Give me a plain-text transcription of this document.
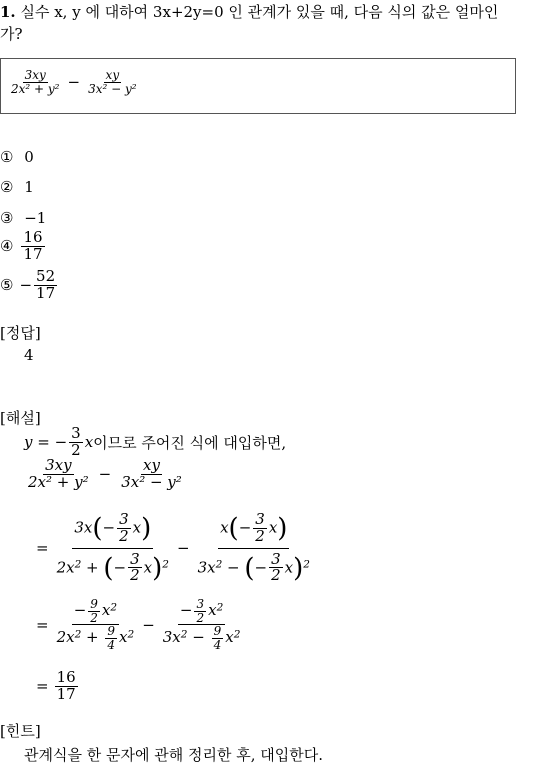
1. 실수 x, y 에 대하여 3x+2y=0 인 관계가 있을 때, 다음 식의 값은 얼마인
가?
$\frac{3xy}{\text{2x² + y²}} - \frac{xy}{\text{3x² − y²}}$
① 0
② 1
③ −1
④ $\frac{16}{17}$
⑤ − $\frac{52}{17}$
[정답]
4
[해설]
y = − $\frac{3}{2}$ x 이므로 주어진 식에 대입하면,
$\frac{3xy}{\text{2x² + y²}} - \frac{xy}{\text{3x² − y²}}$
= $\frac{3x(- \frac{3}{2} x)}{2x^2 + (- \frac{3}{2} x)^2} - \frac{x(- \frac{3}{2} x)}{3x^2 - (- \frac{3}{2} x)^2}$
= $\frac{- \frac{9}{2} x^2}{2x^2 + \frac{9}{4} x^2} - \frac{- \frac{3}{2} x^2}{3x^2 - \frac{9}{4} x^2}$
= $\frac{16}{17}$
[힌트]
관계식을 한 문자에 관해 정리한 후, 대입한다.
